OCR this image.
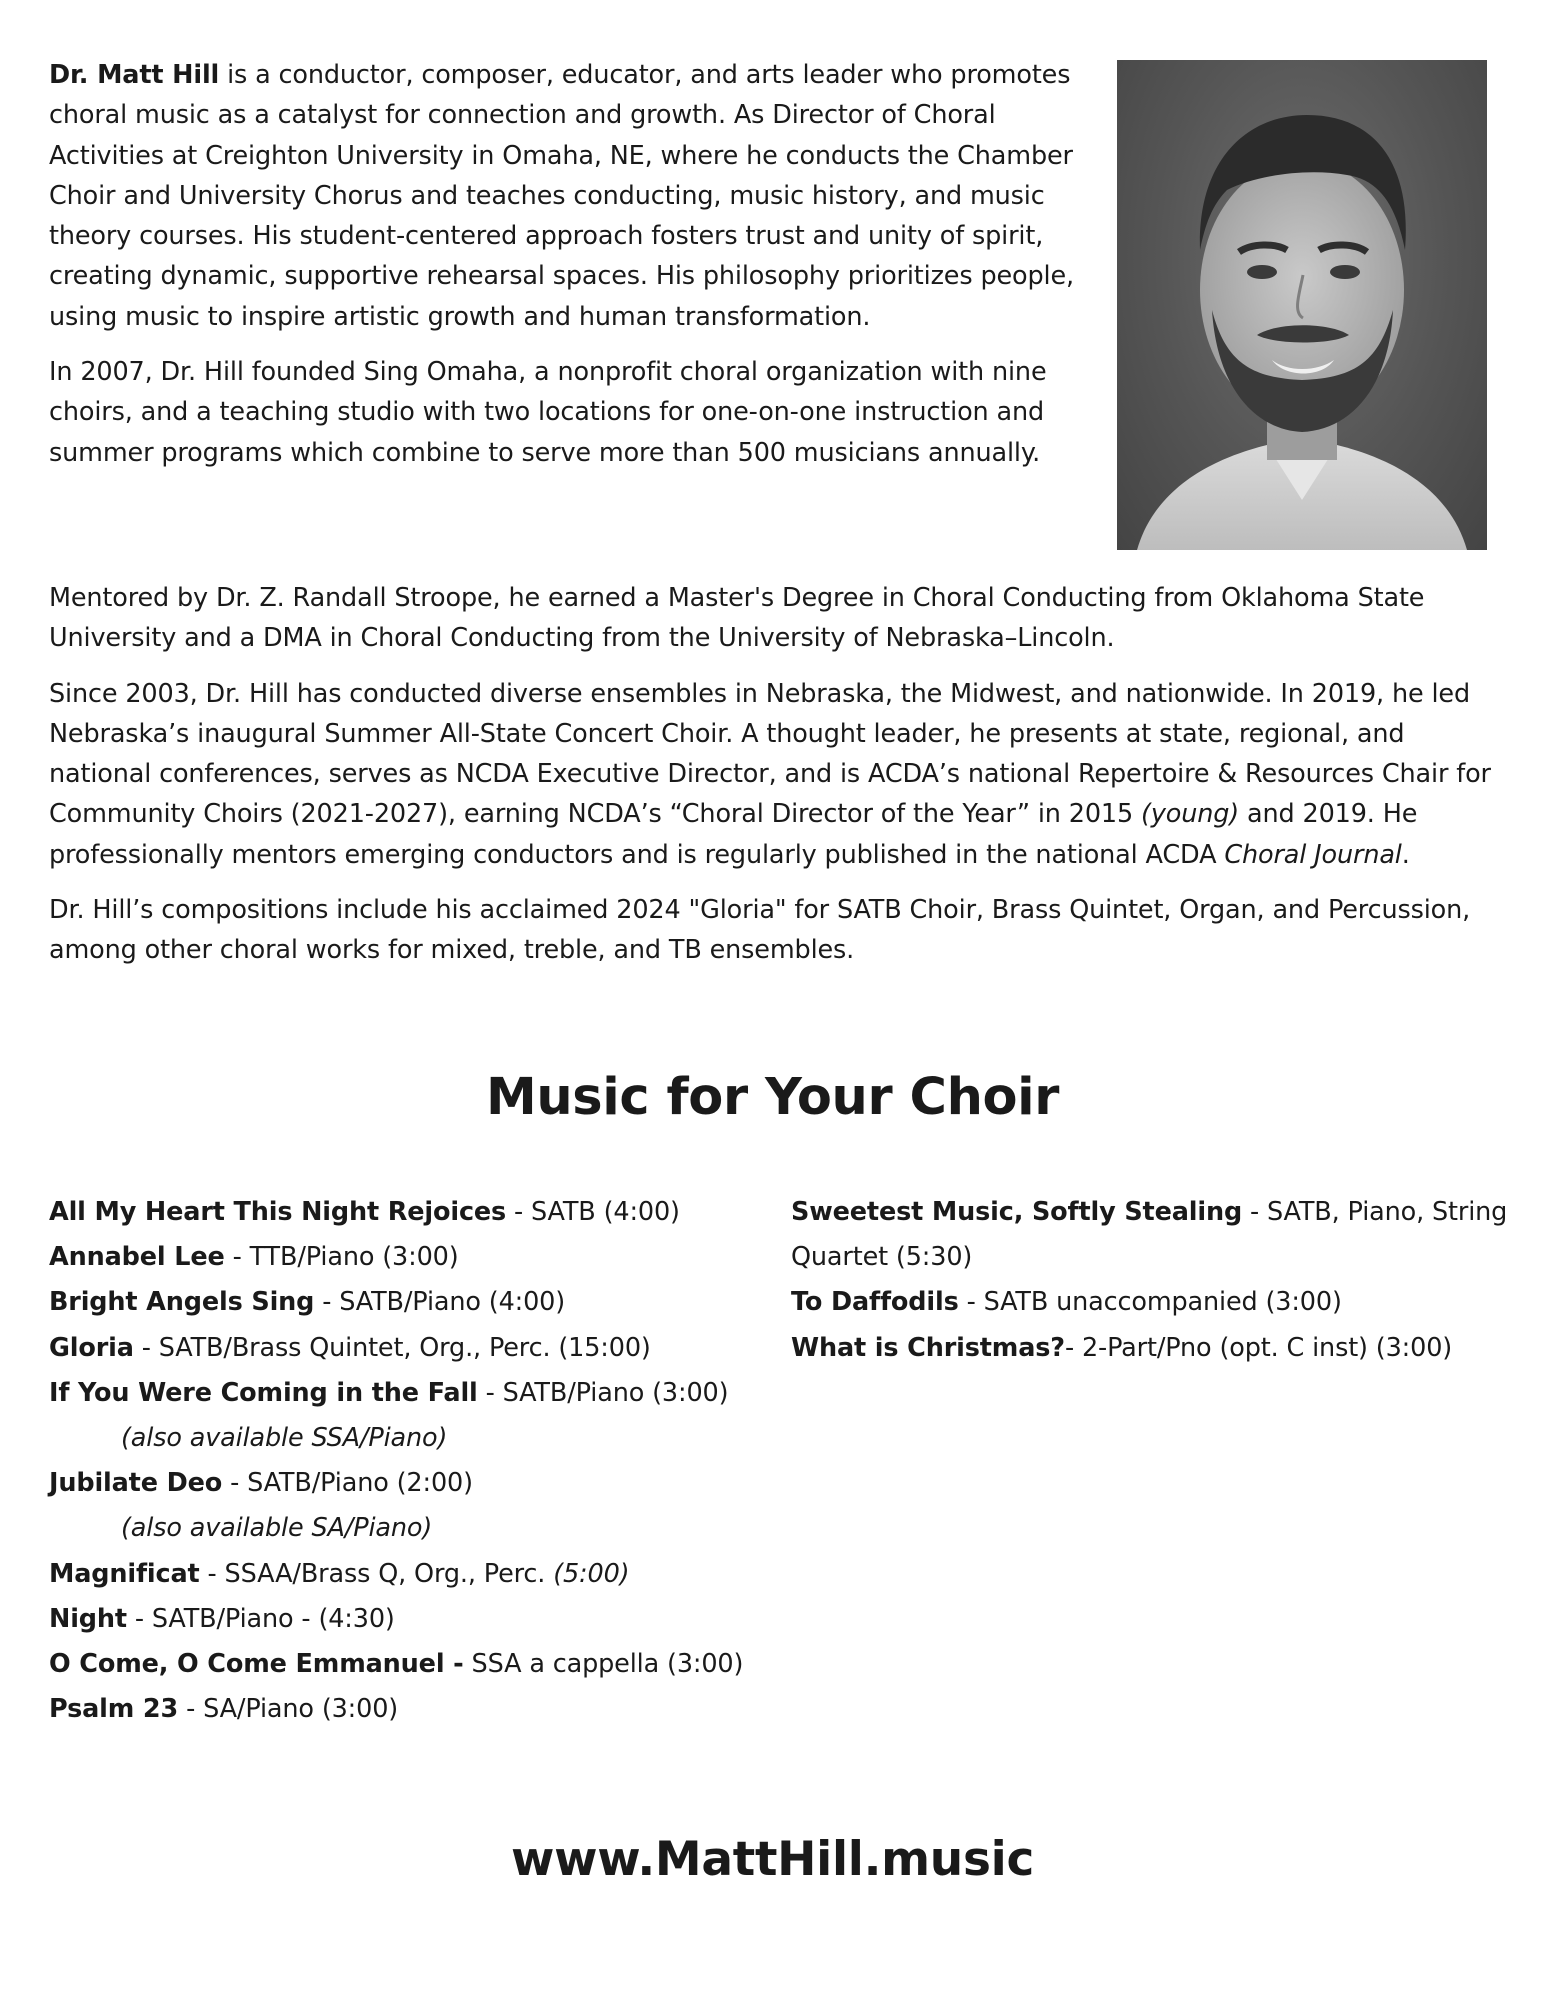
Dr. Matt Hill is a conductor, composer, educator, and arts leader who promotes choral music as a catalyst for connection and growth. As Director of Choral Activities at Creighton University in Omaha, NE, where he conducts the Chamber Choir and University Chorus and teaches conducting, music history, and music theory courses. His student-centered approach fosters trust and unity of spirit, creating dynamic, supportive rehearsal spaces. His philosophy prioritizes people, using music to inspire artistic growth and human transformation.

In 2007, Dr. Hill founded Sing Omaha, a nonprofit choral organization with nine choirs, and a teaching studio with two locations for one-on-one instruction and summer programs which combine to serve more than 500 musicians annually.

Mentored by Dr. Z. Randall Stroope, he earned a Master's Degree in Choral Conducting from Oklahoma State University and a DMA in Choral Conducting from the University of Nebraska–Lincoln.

Since 2003, Dr. Hill has conducted diverse ensembles in Nebraska, the Midwest, and nationwide. In 2019, he led Nebraska’s inaugural Summer All-State Concert Choir. A thought leader, he presents at state, regional, and national conferences, serves as NCDA Executive Director, and is ACDA’s national Repertoire & Resources Chair for Community Choirs (2021-2027), earning NCDA’s “Choral Director of the Year” in 2015 (young) and 2019. He professionally mentors emerging conductors and is regularly published in the national ACDA Choral Journal.

Dr. Hill’s compositions include his acclaimed 2024 "Gloria" for SATB Choir, Brass Quintet, Organ, and Percussion, among other choral works for mixed, treble, and TB ensembles.

Music for Your Choir

All My Heart This Night Rejoices - SATB (4:00)

Annabel Lee - TTB/Piano (3:00)

Bright Angels Sing - SATB/Piano (4:00)

Gloria - SATB/Brass Quintet, Org., Perc. (15:00)

If You Were Coming in the Fall - SATB/Piano (3:00)
(also available SSA/Piano)

Jubilate Deo - SATB/Piano (2:00)
(also available SA/Piano)

Magnificat - SSAA/Brass Q, Org., Perc. (5:00)

Night - SATB/Piano - (4:30)

O Come, O Come Emmanuel - SSA a cappella (3:00)

Psalm 23 - SA/Piano (3:00)

Sweetest Music, Softly Stealing - SATB, Piano, String Quartet (5:30)

To Daffodils - SATB unaccompanied (3:00)

What is Christmas?- 2-Part/Pno (opt. C inst) (3:00)

www.MattHill.music
